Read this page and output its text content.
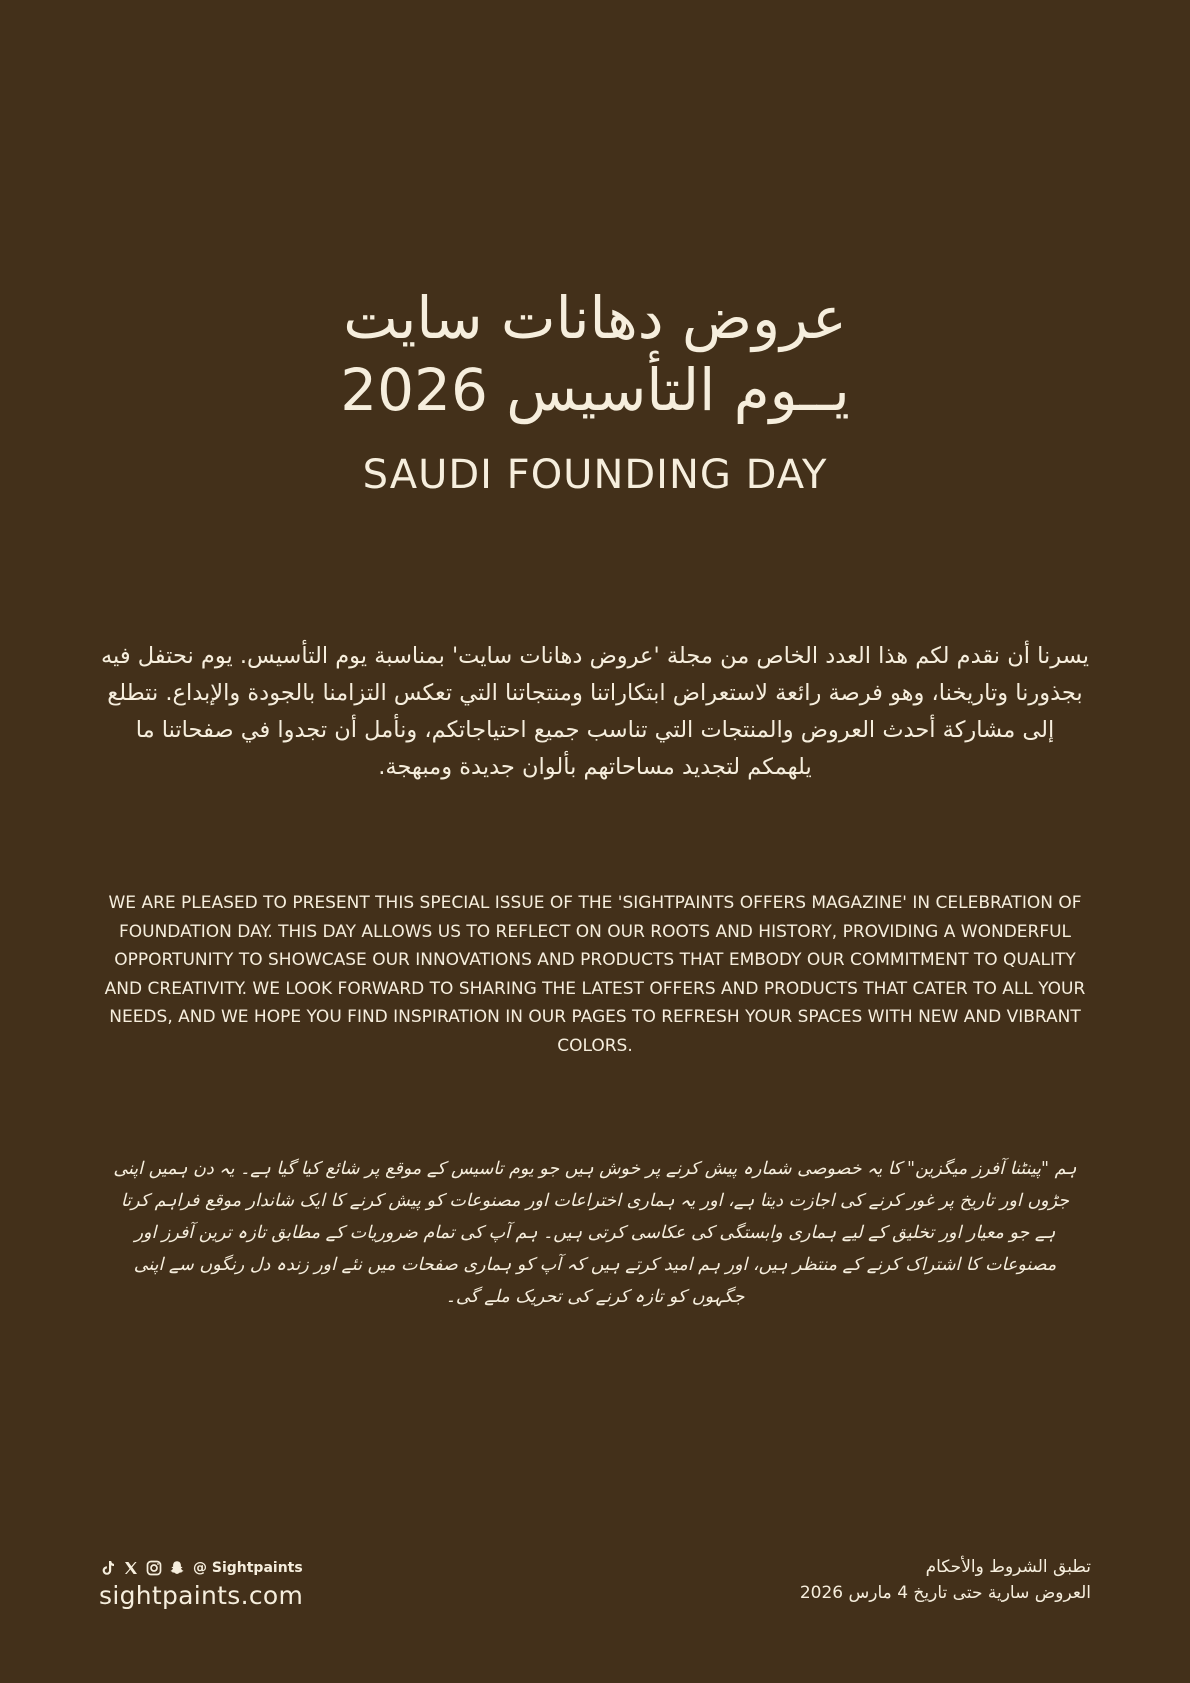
عروض دهانات سايت
يــوم التأسيس 2026
SAUDI FOUNDING DAY

يسرنا أن نقدم لكم هذا العدد الخاص من مجلة 'عروض دهانات سايت' بمناسبة يوم التأسيس. يوم نحتفل فيه بجذورنا وتاريخنا، وهو فرصة رائعة لاستعراض ابتكاراتنا ومنتجاتنا التي تعكس التزامنا بالجودة والإبداع. نتطلع إلى مشاركة أحدث العروض والمنتجات التي تناسب جميع احتياجاتكم، ونأمل أن تجدوا في صفحاتنا ما يلهمكم لتجديد مساحاتهم بألوان جديدة ومبهجة.

WE ARE PLEASED TO PRESENT THIS SPECIAL ISSUE OF THE 'SIGHTPAINTS OFFERS MAGAZINE' IN CELEBRATION OF FOUNDATION DAY. THIS DAY ALLOWS US TO REFLECT ON OUR ROOTS AND HISTORY, PROVIDING A WONDERFUL OPPORTUNITY TO SHOWCASE OUR INNOVATIONS AND PRODUCTS THAT EMBODY OUR COMMITMENT TO QUALITY AND CREATIVITY. WE LOOK FORWARD TO SHARING THE LATEST OFFERS AND PRODUCTS THAT CATER TO ALL YOUR NEEDS, AND WE HOPE YOU FIND INSPIRATION IN OUR PAGES TO REFRESH YOUR SPACES WITH NEW AND VIBRANT COLORS.

ہم "پینٹنا آفرز میگزین" کا یہ خصوصی شمارہ پیش کرنے پر خوش ہیں جو یوم تاسیس کے موقع پر شائع کیا گیا ہے۔ یہ دن ہمیں اپنی جڑوں اور تاریخ پر غور کرنے کی اجازت دیتا ہے، اور یہ ہماری اختراعات اور مصنوعات کو پیش کرنے کا ایک شاندار موقع فراہم کرتا ہے جو معیار اور تخلیق کے لیے ہماری وابستگی کی عکاسی کرتی ہیں۔ ہم آپ کی تمام ضروریات کے مطابق تازہ ترین آفرز اور مصنوعات کا اشتراک کرنے کے منتظر ہیں، اور ہم امید کرتے ہیں کہ آپ کو ہماری صفحات میں نئے اور زندہ دل رنگوں سے اپنی جگہوں کو تازہ کرنے کی تحریک ملے گی۔

@ Sightpaints
sightpaints.com
تطبق الشروط والأحكام
العروض سارية حتى تاريخ 4 مارس 2026
